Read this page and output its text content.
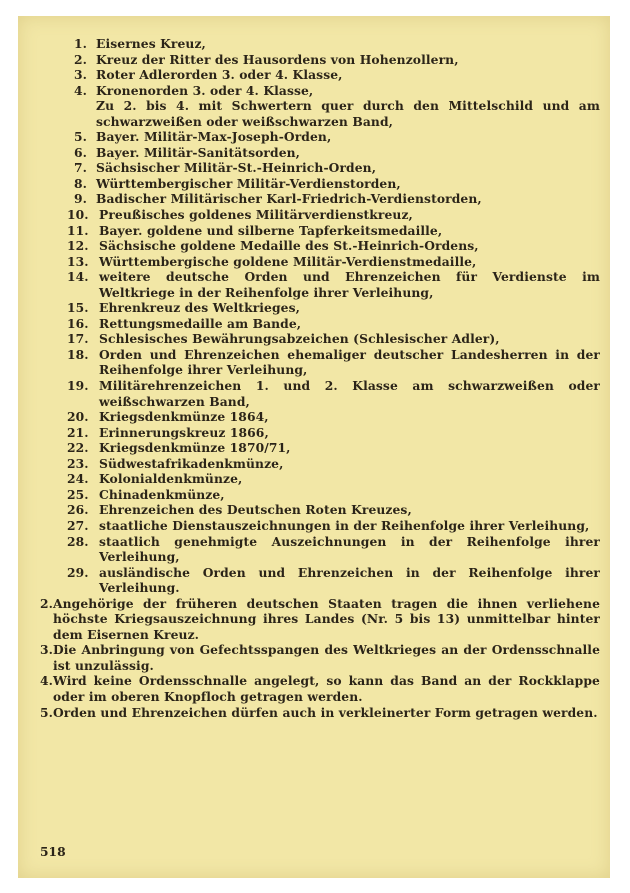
1. Eisernes Kreuz,
2. Kreuz der Ritter des Hausordens von Hohenzollern,
3. Roter Adlerorden 3. oder 4. Klasse,
4. Kronenorden 3. oder 4. Klasse,
Zu 2. bis 4. mit Schwertern quer durch den Mittelschild und am schwarzweißen oder weißschwarzen Band,
5. Bayer. Militär-Max-Joseph-Orden,
6. Bayer. Militär-Sanitätsorden,
7. Sächsischer Militär-St.-Heinrich-Orden,
8. Württembergischer Militär-Verdienstorden,
9. Badischer Militärischer Karl-Friedrich-Verdienstorden,
10. Preußisches goldenes Militärverdienstkreuz,
11. Bayer. goldene und silberne Tapferkeitsmedaille,
12. Sächsische goldene Medaille des St.-Heinrich-Ordens,
13. Württembergische goldene Militär-Verdienstmedaille,
14. weitere deutsche Orden und Ehrenzeichen für Verdienste im Weltkriege in der Reihenfolge ihrer Verleihung,
15. Ehrenkreuz des Weltkrieges,
16. Rettungsmedaille am Bande,
17. Schlesisches Bewährungsabzeichen (Schlesischer Adler),
18. Orden und Ehrenzeichen ehemaliger deutscher Landesherren in der Reihenfolge ihrer Verleihung,
19. Militärehrenzeichen 1. und 2. Klasse am schwarzweißen oder weißschwarzen Band,
20. Kriegsdenkmünze 1864,
21. Erinnerungskreuz 1866,
22. Kriegsdenkmünze 1870/71,
23. Südwestafrikadenkmünze,
24. Kolonialdenkmünze,
25. Chinadenkmünze,
26. Ehrenzeichen des Deutschen Roten Kreuzes,
27. staatliche Dienstauszeichnungen in der Reihenfolge ihrer Verleihung,
28. staatlich genehmigte Auszeichnungen in der Reihenfolge ihrer Verleihung,
29. ausländische Orden und Ehrenzeichen in der Reihenfolge ihrer Verleihung.
2. Angehörige der früheren deutschen Staaten tragen die ihnen verliehene höchste Kriegsauszeichnung ihres Landes (Nr. 5 bis 13) unmittelbar hinter dem Eisernen Kreuz.
3. Die Anbringung von Gefechtsspangen des Weltkrieges an der Ordensschnalle ist unzulässig.
4. Wird keine Ordensschnalle angelegt, so kann das Band an der Rockklappe oder im oberen Knopfloch getragen werden.
5. Orden und Ehrenzeichen dürfen auch in verkleinerter Form getragen werden.
518
